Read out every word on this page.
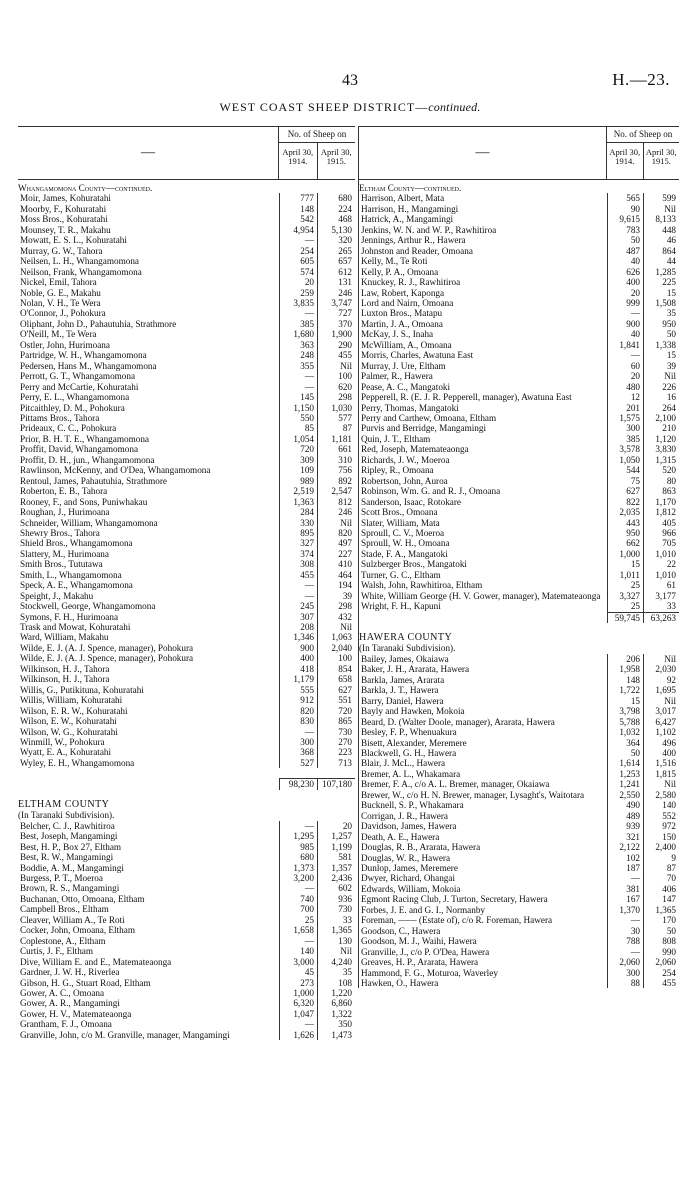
43	H.—23.
WEST COAST SHEEP DISTRICT—continued.
—
No. of Sheep on
April 30, 1914.
April 30, 1915.
Whangamomona County—continued.
Moir, James, Kohuratahi	777	680
Moorby, F., Kohuratahi	148	224
Moss Bros., Kohuratahi	542	468
Mounsey, T. R., Makahu	4,954	5,130
Mowatt, E. S. L., Kohuratahi	—	320
Murray, G. W., Tahora	254	265
Neilsen, L. H., Whangamomona	605	657
Neilson, Frank, Whangamomona	574	612
Nickel, Emil, Tahora	20	131
Noble, G. E., Makahu	259	246
Nolan, V. H., Te Wera	3,835	3,747
O'Connor, J., Pohokura	—	727
Oliphant, John D., Pahautuhia, Strathmore	385	370
O'Neill, M., Te Wera	1,680	1,900
Ostler, John, Hurimoana	363	290
Partridge, W. H., Whangamomona	248	455
Pedersen, Hans M., Whangamomona	355	Nil
Perrott, G. T., Whangamomona	—	100
Perry and McCartie, Kohuratahi	—	620
Perry, E. L., Whangamomona	145	298
Pitcaithley, D. M., Pohokura	1,150	1,030
Pittams Bros., Tahora	550	577
Prideaux, C. C., Pohokura	85	87
Prior, B. H. T. E., Whangamomona	1,054	1,181
Proffit, David, Whangamomona	720	661
Proffit, D. H., jun., Whangamomona	309	310
Rawlinson, McKenny, and O'Dea, Whangamomona	109	756
Rentoul, James, Pahautuhia, Strathmore	989	892
Roberton, E. B., Tahora	2,519	2,547
Rooney, F., and Sons, Puniwhakau	1,363	812
Roughan, J., Hurimoana	284	246
Schneider, William, Whangamomona	330	Nil
Shewry Bros., Tahora	895	820
Shield Bros., Whangamomona	327	497
Slattery, M., Hurimoana	374	227
Smith Bros., Tututawa	308	410
Smith, L., Whangamomona	455	464
Speck, A. E., Whangamomona	—	194
Speight, J., Makahu	—	39
Stockwell, George, Whangamomona	245	298
Symons, F. H., Hurimoana	307	432
Trask and Mowat, Kohuratahi	208	Nil
Ward, William, Makahu	1,346	1,063
Wilde, E. J. (A. J. Spence, manager), Pohokura	900	2,040
Wilde, E. J. (A. J. Spence, manager), Pohokura	400	100
Wilkinson, H. J., Tahora	418	854
Wilkinson, H. J., Tahora	1,179	658
Willis, G., Putikituna, Kohuratahi	555	627
Willis, William, Kohuratahi	912	551
Wilson, E. R. W., Kohuratahi	820	720
Wilson, E. W., Kohuratahi	830	865
Wilson, W. G., Kohuratahi	—	730
Winmill, W., Pohokura	300	270
Wyatt, E. A., Kohuratahi	368	223
Wyley, E. H., Whangamomona	527	713
98,230 107,180
ELTHAM COUNTY
(In Taranaki Subdivision).
Belcher, C. J., Rawhitiroa	—	20
Best, Joseph, Mangamingi	1,295	1,257
Best, H. P., Box 27, Eltham	985	1,199
Best, R. W., Mangamingi	680	581
Boddie, A. M., Mangamingi	1,373	1,357
Burgess, P. T., Moeroa	3,200	2,436
Brown, R. S., Mangamingi	—	602
Buchanan, Otto, Omoana, Eltham	740	936
Campbell Bros., Eltham	700	730
Cleaver, William A., Te Roti	25	33
Cocker, John, Omoana, Eltham	1,658	1,365
Coplestone, A., Eltham	—	130
Curtis, J. F., Eltham	140	Nil
Dive, William E. and E., Matemateaonga	3,000	4,240
Gardner, J. W. H., Riverlea	45	35
Gibson, H. G., Stuart Road, Eltham	273	108
Gower, A. C., Omoana	1,000	1,220
Gower, A. R., Mangamingi	6,320	6,860
Gower, H. V., Matemateaonga	1,047	1,322
Grantham, F. J., Omoana	—	350
Granville, John, c/o M. Granville, manager, Mangamingi	1,626	1,473
—
No. of Sheep on
April 30, 1914.
April 30, 1915.
Eltham County—continued.
Harrison, Albert, Mata	565	599
Harrison, H., Mangamingi	90	Nil
Hatrick, A., Mangamingi	9,615	8,133
Jenkins, W. N. and W. P., Rawhitiroa	783	448
Jennings, Arthur R., Hawera	50	46
Johnston and Reader, Omoana	487	864
Kelly, M., Te Roti	40	44
Kelly, P. A., Omoana	626	1,285
Knuckey, R. J., Rawhitiroa	400	225
Law, Robert, Kaponga	20	15
Lord and Nairn, Omoana	999	1,508
Luxton Bros., Matapu	—	35
Martin, J. A., Omoana	900	950
McKay, J. S., Inaha	40	50
McWilliam, A., Omoana	1,841	1,338
Morris, Charles, Awatuna East	—	15
Murray, J. Ure, Eltham	60	39
Palmer, R., Hawera	20	Nil
Pease, A. C., Mangatoki	480	226
Pepperell, R. (E. J. R. Pepperell, manager), Awatuna East	12	16
Perry, Thomas, Mangatoki	201	264
Perry and Carthew, Omoana, Eltham	1,575	2,100
Purvis and Berridge, Mangamingi	300	210
Quin, J. T., Eltham	385	1,120
Red, Joseph, Matemateaonga	3,578	3,830
Richards, J. W., Moeroa	1,050	1,315
Ripley, R., Omoana	544	520
Robertson, John, Auroa	75	80
Robinson, Wm. G. and R. J., Omoana	627	863
Sanderson, Isaac, Rotokare	822	1,170
Scott Bros., Omoana	2,035	1,812
Slater, William, Mata	443	405
Sproull, C. V., Moeroa	950	966
Sproull, W. H., Omoana	662	705
Stade, F. A., Mangatoki	1,000	1,010
Sulzberger Bros., Mangatoki	15	22
Turner, G. C., Eltham	1,011	1,010
Walsh, John, Rawhitiroa, Eltham	25	61
White, William George (H. V. Gower, manager), Matemateaonga	3,327	3,177
Wright, F. H., Kapuni	25	33
59,745	63,263
HAWERA COUNTY
(In Taranaki Subdivision).
Bailey, James, Okaiawa	206	Nil
Baker, J. H., Ararata, Hawera	1,958	2,030
Barkla, James, Ararata	148	92
Barkla, J. T., Hawera	1,722	1,695
Barry, Daniel, Hawera	15	Nil
Bayly and Hawken, Mokoia	3,798	3,017
Beard, D. (Walter Doole, manager), Ararata, Hawera	5,788	6,427
Besley, F. P., Whenuakura	1,032	1,102
Bisett, Alexander, Meremere	364	496
Blackwell, G. H., Hawera	50	400
Blair, J. McL., Hawera	1,614	1,516
Bremer, A. L., Whakamara	1,253	1,815
Bremer, F. A., c/o A. L. Bremer, manager, Okaiawa	1,241	Nil
Brewer, W., c/o H. N. Brewer, manager, Lysaght's, Waitotara	2,550	2,580
Bucknell, S. P., Whakamara	490	140
Corrigan, J. R., Hawera	489	552
Davidson, James, Hawera	939	972
Death, A. E., Hawera	321	150
Douglas, R. B., Ararata, Hawera	2,122	2,400
Douglas, W. R., Hawera	102	9
Dunlop, James, Meremere	187	87
Dwyer, Richard, Ohangai	—	70
Edwards, William, Mokoia	381	406
Egmont Racing Club, J. Turton, Secretary, Hawera	167	147
Forbes, J. E. and G. I., Normanby	1,370	1,365
Foreman, —— (Estate of), c/o R. Foreman, Hawera	—	170
Goodson, C., Hawera	30	50
Goodson, M. J., Waihi, Hawera	788	808
Granville, J., c/o P. O'Dea, Hawera	—	990
Greaves, H. P., Ararata, Hawera	2,060	2,060
Hammond, F. G., Moturoa, Waverley	300	254
Hawken, O., Hawera	88	455
